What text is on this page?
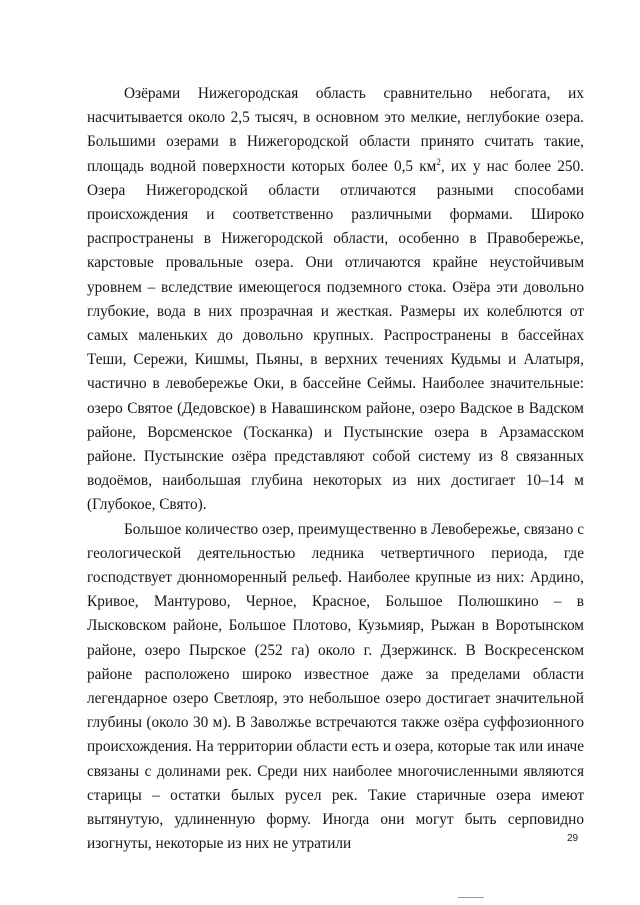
Озёрами Нижегородская область сравнительно небогата, их насчитывается около 2,5 тысяч, в основном это мелкие, неглубокие озера. Большими озерами в Нижегородской области принято считать такие, площадь водной поверхности которых более 0,5 $км^2$, их у нас более 250. Озера Нижегородской области отличаются разными способами происхождения и соответственно различными формами. Широко распространены в Нижегородской области, особенно в Правобережье, карстовые провальные озера. Они отличаются крайне неустойчивым уровнем – вследствие имеющегося подземного стока. Озёра эти довольно глубокие, вода в них прозрачная и жесткая. Размеры их колеблются от самых маленьких до довольно крупных. Распространены в бассейнах Теши, Сережи, Кишмы, Пьяны, в верхних течениях Кудьмы и Алатыря, частично в левобережье Оки, в бассейне Сеймы. Наиболее значительные: озеро Святое (Дедовское) в Навашинском районе, озеро Вадское в Вадском районе, Ворсменское (Тосканка) и Пустынские озера в Арзамасском районе. Пустынские озёра представляют собой систему из 8 связанных водоёмов, наибольшая глубина некоторых из них достигает 10–14 м (Глубокое, Свято).

Большое количество озер, преимущественно в Левобережье, связано с геологической деятельностью ледника четвертичного периода, где господствует дюнноморенный рельеф. Наиболее крупные из них: Ардино, Кривое, Мантурово, Черное, Красное, Большое Полюшкино – в Лысковском районе, Большое Плотово, Кузьмияр, Рыжан в Воротынском районе, озеро Пырское (252 га) около г. Дзержинск. В Воскресенском районе расположено широко известное даже за пределами области легендарное озеро Светлояр, это небольшое озеро достигает значительной глубины (около 30 м). В Заволжье встречаются также озёра суффозионного происхождения. На территории области есть и озера, которые так или иначе связаны с долинами рек. Среди них наиболее многочисленными являются старицы – остатки былых русел рек. Такие старичные озера имеют вытянутую, удлиненную форму. Иногда они могут быть серповидно изогнуты, некоторые из них не утратили	29
